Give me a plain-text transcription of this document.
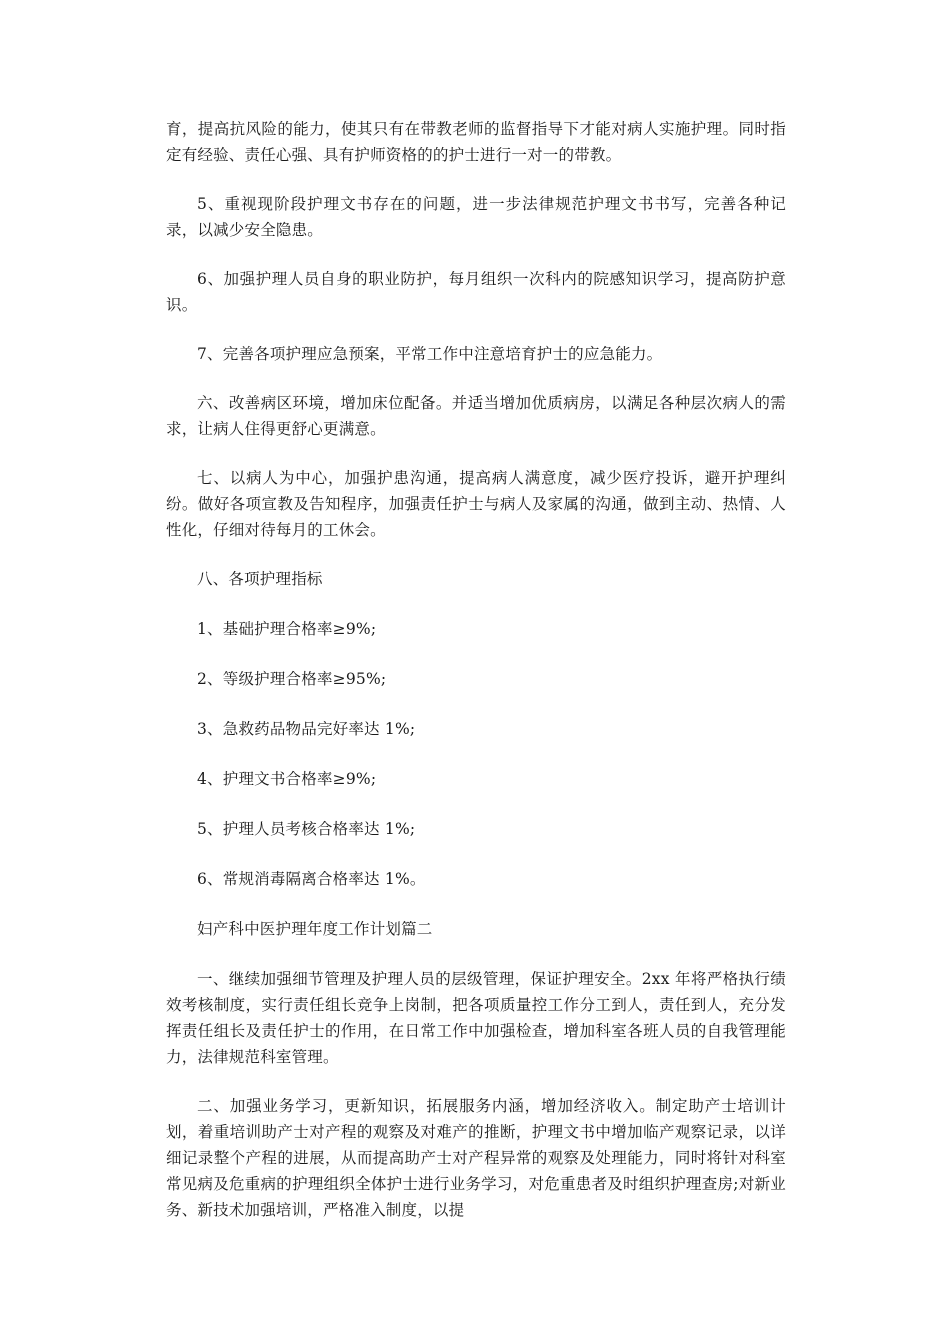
育，提高抗风险的能力，使其只有在带教老师的监督指导下才能对病人实施护理。同时指定有经验、责任心强、具有护师资格的的护士进行一对一的带教。

5、重视现阶段护理文书存在的问题，进一步法律规范护理文书书写，完善各种记录，以减少安全隐患。

6、加强护理人员自身的职业防护，每月组织一次科内的院感知识学习，提高防护意识。

7、完善各项护理应急预案，平常工作中注意培育护士的应急能力。

六、改善病区环境，增加床位配备。并适当增加优质病房，以满足各种层次病人的需求，让病人住得更舒心更满意。

七、以病人为中心，加强护患沟通，提高病人满意度，减少医疗投诉，避开护理纠纷。做好各项宣教及告知程序，加强责任护士与病人及家属的沟通，做到主动、热情、人性化，仔细对待每月的工休会。

八、各项护理指标

1、基础护理合格率≥9%;

2、等级护理合格率≥95%;

3、急救药品物品完好率达 1%;

4、护理文书合格率≥9%;

5、护理人员考核合格率达 1%;

6、常规消毒隔离合格率达 1%。

妇产科中医护理年度工作计划篇二

一、继续加强细节管理及护理人员的层级管理，保证护理安全。2xx 年将严格执行绩效考核制度，实行责任组长竞争上岗制，把各项质量控工作分工到人，责任到人，充分发挥责任组长及责任护士的作用，在日常工作中加强检查，增加科室各班人员的自我管理能力，法律规范科室管理。

二、加强业务学习，更新知识，拓展服务内涵，增加经济收入。制定助产士培训计划，着重培训助产士对产程的观察及对难产的推断，护理文书中增加临产观察记录，以详细记录整个产程的进展，从而提高助产士对产程异常的观察及处理能力，同时将针对科室常见病及危重病的护理组织全体护士进行业务学习，对危重患者及时组织护理查房;对新业务、新技术加强培训，严格准入制度，以提
